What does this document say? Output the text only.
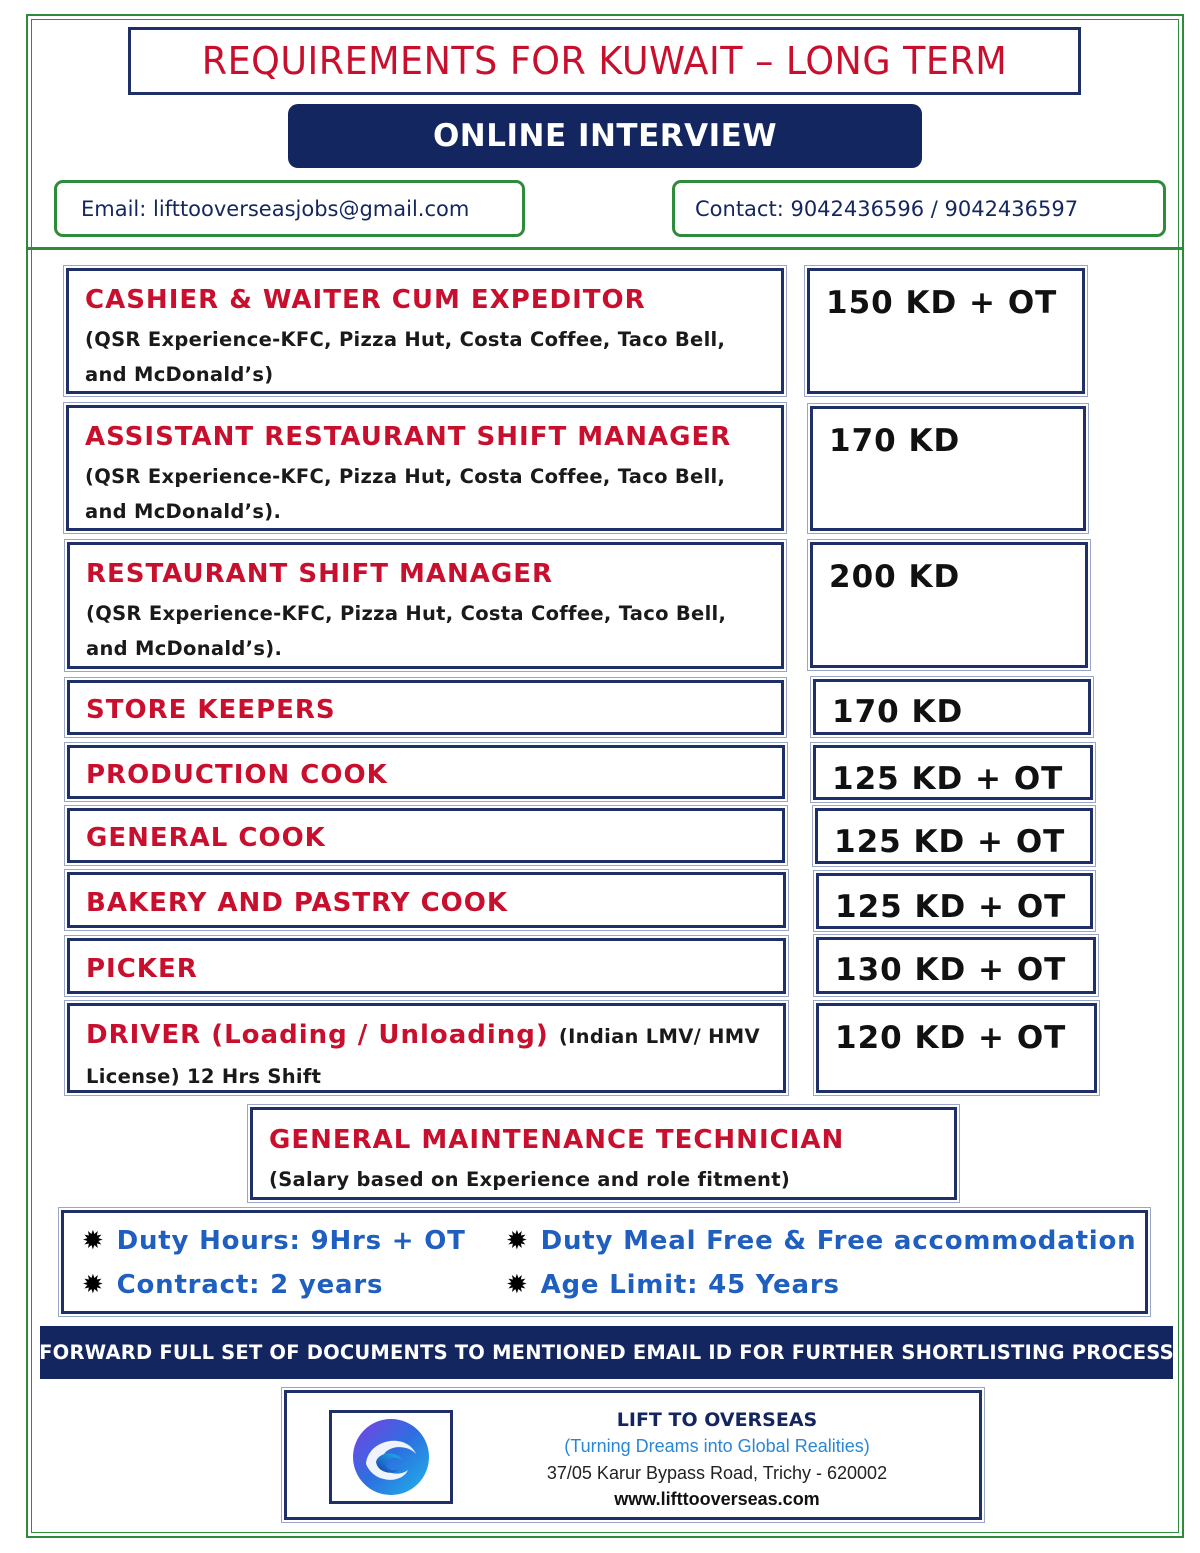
REQUIREMENTS FOR KUWAIT – LONG TERM
ONLINE INTERVIEW
Email: lifttooverseasjobs@gmail.com	Contact: 9042436596 / 9042436597
CASHIER & WAITER CUM EXPEDITOR
(QSR Experience-KFC, Pizza Hut, Costa Coffee, Taco Bell,
and McDonald’s)
150 KD + OT
ASSISTANT RESTAURANT SHIFT MANAGER
(QSR Experience-KFC, Pizza Hut, Costa Coffee, Taco Bell,
and McDonald’s).
170 KD
RESTAURANT SHIFT MANAGER
(QSR Experience-KFC, Pizza Hut, Costa Coffee, Taco Bell,
and McDonald’s).
200 KD
STORE KEEPERS	170 KD
PRODUCTION COOK	125 KD + OT
GENERAL COOK	125 KD + OT
BAKERY AND PASTRY COOK	125 KD + OT
PICKER	130 KD + OT
DRIVER (Loading / Unloading) (Indian LMV/ HMV
License) 12 Hrs Shift
120 KD + OT
GENERAL MAINTENANCE TECHNICIAN
(Salary based on Experience and role fitment)
✹ Duty Hours: 9Hrs + OT ✹ Duty Meal Free & Free accommodation
✹ Contract: 2 years	✹ Age Limit: 45 Years
FORWARD FULL SET OF DOCUMENTS TO MENTIONED EMAIL ID FOR FURTHER SHORTLISTING PROCESS
LIFT TO OVERSEAS
(Turning Dreams into Global Realities)
37/05 Karur Bypass Road, Trichy - 620002
www.lifttooverseas.com
